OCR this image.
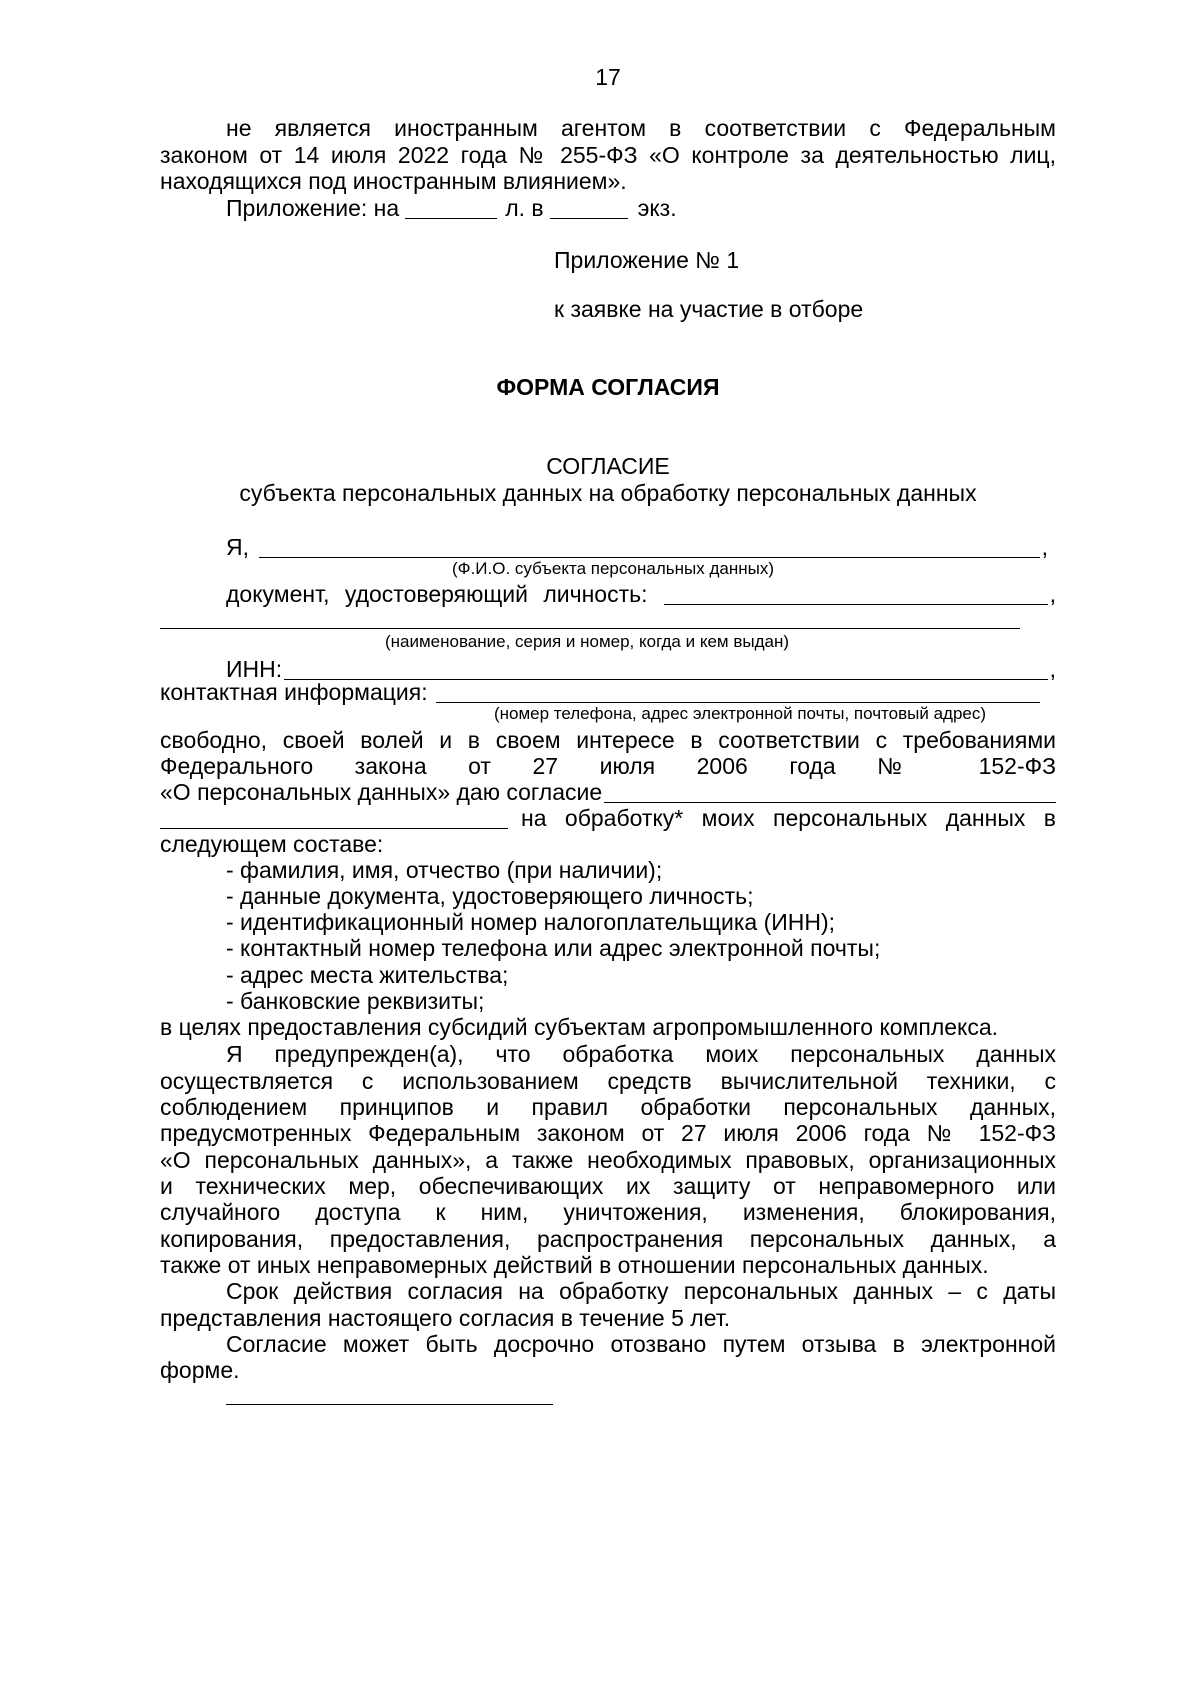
17
не является иностранным агентом в соответствии с Федеральным
законом от 14 июля 2022 года № 255-ФЗ «О контроле за деятельностью лиц,
находящихся под иностранным влиянием».
Приложение: на	л. в	экз.
Приложение № 1
к заявке на участие в отборе
ФОРМА СОГЛАСИЯ
СОГЛАСИЕ
субъекта персональных данных на обработку персональных данных
Я,	,
(Ф.И.О. субъекта персональных данных)
документ, удостоверяющий личность:	,
(наименование, серия и номер, когда и кем выдан)
ИНН:	,
контактная информация:
(номер телефона, адрес электронной почты, почтовый адрес)
свободно, своей волей и в своем интересе в соответствии с требованиями
Федерального закона от 27 июля 2006 года № 152-ФЗ
«О персональных данных» даю согласие
на обработку* моих персональных данных в
следующем составе:
- фамилия, имя, отчество (при наличии);
- данные документа, удостоверяющего личность;
- идентификационный номер налогоплательщика (ИНН);
- контактный номер телефона или адрес электронной почты;
- адрес места жительства;
- банковские реквизиты;
в целях предоставления субсидий субъектам агропромышленного комплекса.
Я предупрежден(а), что обработка моих персональных данных
осуществляется с использованием средств вычислительной техники, с
соблюдением принципов и правил обработки персональных данных,
предусмотренных Федеральным законом от 27 июля 2006 года № 152-ФЗ
«О персональных данных», а также необходимых правовых, организационных
и технических мер, обеспечивающих их защиту от неправомерного или
случайного доступа к ним, уничтожения, изменения, блокирования,
копирования, предоставления, распространения персональных данных, а
также от иных неправомерных действий в отношении персональных данных.
Срок действия согласия на обработку персональных данных – с даты
представления настоящего согласия в течение 5 лет.
Согласие может быть досрочно отозвано путем отзыва в электронной
форме.
